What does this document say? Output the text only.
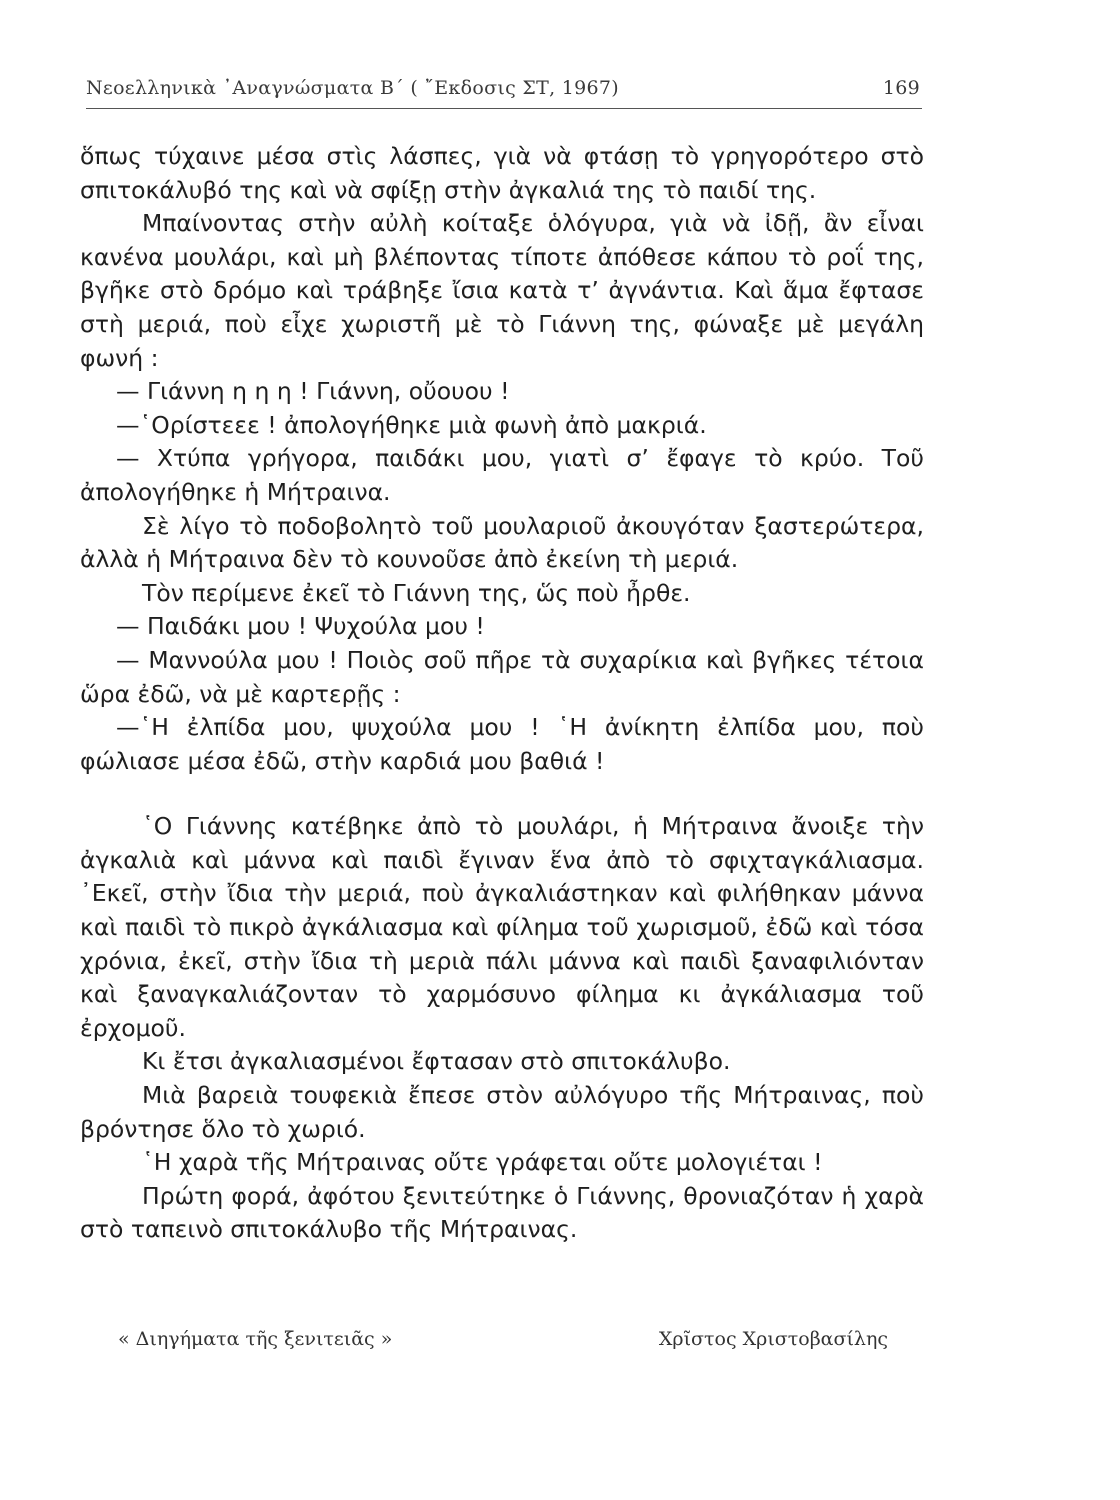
Νεοελληνικὰ ᾿Αναγνώσματα Β΄ ( ῎Εκδοσις ΣΤ, 1967)	169

ὅπως τύχαινε μέσα στὶς λάσπες, γιὰ νὰ φτάσῃ τὸ γρηγορότερο στὸ σπιτοκάλυβό της καὶ νὰ σφίξῃ στὴν ἀγκαλιά της τὸ παιδί της.

Μπαίνοντας στὴν αὐλὴ κοίταξε ὁλόγυρα, γιὰ νὰ ἰδῇ, ἂν εἶναι κανένα μουλάρι, καὶ μὴ βλέποντας τίποτε ἀπόθεσε κάπου τὸ ροΐ της, βγῆκε στὸ δρόμο καὶ τράβηξε ἴσια κατὰ τ’ ἀγνάντια. Καὶ ἅμα ἔφτασε στὴ μεριά, ποὺ εἶχε χωριστῆ μὲ τὸ Γιάννη της, φώναξε μὲ μεγάλη φωνή :

— Γιάννη η η η ! Γιάννη, οὔουου !

—῾Ορίστεεε ! ἀπολογήθηκε μιὰ φωνὴ ἀπὸ μακριά.

— Χτύπα γρήγορα, παιδάκι μου, γιατὶ σ’ ἔφαγε τὸ κρύο. Τοῦ ἀπολογήθηκε ἡ Μήτραινα.

Σὲ λίγο τὸ ποδοβολητὸ τοῦ μουλαριοῦ ἀκουγόταν ξαστερώτερα, ἀλλὰ ἡ Μήτραινα δὲν τὸ κουνοῦσε ἀπὸ ἐκείνη τὴ μεριά.

Τὸν περίμενε ἐκεῖ τὸ Γιάννη της, ὥς ποὺ ἦρθε.

— Παιδάκι μου ! Ψυχούλα μου !

— Μαννούλα μου ! Ποιὸς σοῦ πῆρε τὰ συχαρίκια καὶ βγῆκες τέτοια ὥρα ἐδῶ, νὰ μὲ καρτερῇς :

—῾Η ἐλπίδα μου, ψυχούλα μου ! ῾Η ἀνίκητη ἐλπίδα μου, ποὺ φώλιασε μέσα ἐδῶ, στὴν καρδιά μου βαθιά !

῾Ο Γιάννης κατέβηκε ἀπὸ τὸ μουλάρι, ἡ Μήτραινα ἄνοιξε τὴν ἀγκαλιὰ καὶ μάννα καὶ παιδὶ ἔγιναν ἕνα ἀπὸ τὸ σφιχταγκάλιασμα. ᾿Εκεῖ, στὴν ἴδια τὴν μεριά, ποὺ ἀγκαλιάστηκαν καὶ φιλήθηκαν μάννα καὶ παιδὶ τὸ πικρὸ ἀγκάλιασμα καὶ φίλημα τοῦ χωρισμοῦ, ἐδῶ καὶ τόσα χρόνια, ἐκεῖ, στὴν ἴδια τὴ μεριὰ πάλι μάννα καὶ παιδὶ ξαναφιλιόνταν καὶ ξαναγκαλιάζονταν τὸ χαρμόσυνο φίλημα κι ἀγκάλιασμα τοῦ ἐρχομοῦ.

Κι ἔτσι ἀγκαλιασμένοι ἔφτασαν στὸ σπιτοκάλυβο.

Μιὰ βαρειὰ τουφεκιὰ ἔπεσε στὸν αὐλόγυρο τῆς Μήτραινας, ποὺ βρόντησε ὅλο τὸ χωριό.

῾Η χαρὰ τῆς Μήτραινας οὔτε γράφεται οὔτε μολογιέται !

Πρώτη φορά, ἀφότου ξενιτεύτηκε ὁ Γιάννης, θρονιαζόταν ἡ χαρὰ στὸ ταπεινὸ σπιτοκάλυβο τῆς Μήτραινας.

« Διηγήματα τῆς ξενιτειᾶς »	Χρῖστος Χριστοβασίλης
